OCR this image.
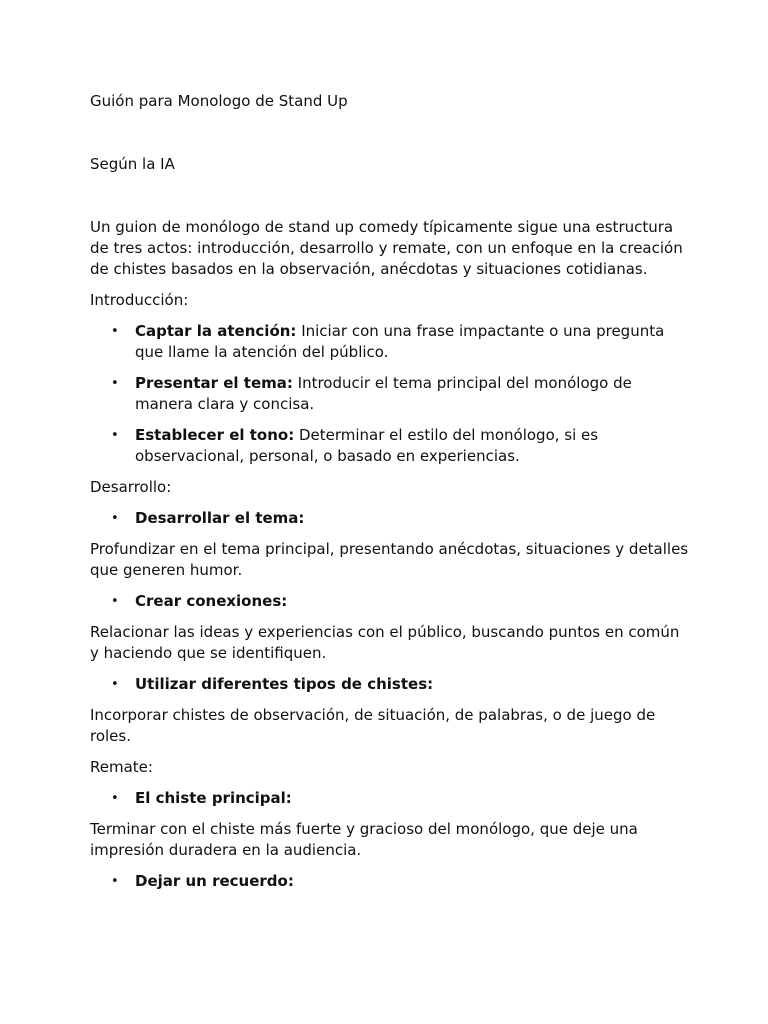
Guión para Monologo de Stand Up
Según la IA

Un guion de monólogo de stand up comedy típicamente sigue una estructura de tres actos: introducción, desarrollo y remate, con un enfoque en la creación de chistes basados en la observación, anécdotas y situaciones cotidianas.

Introducción:

• Captar la atención: Iniciar con una frase impactante o una pregunta que llame la atención del público.
• Presentar el tema: Introducir el tema principal del monólogo de manera clara y concisa.
• Establecer el tono: Determinar el estilo del monólogo, si es observacional, personal, o basado en experiencias.

Desarrollo:

• Desarrollar el tema:

Profundizar en el tema principal, presentando anécdotas, situaciones y detalles que generen humor.

• Crear conexiones:

Relacionar las ideas y experiencias con el público, buscando puntos en común y haciendo que se identifiquen.

• Utilizar diferentes tipos de chistes:

Incorporar chistes de observación, de situación, de palabras, o de juego de roles.

Remate:

• El chiste principal:

Terminar con el chiste más fuerte y gracioso del monólogo, que deje una impresión duradera en la audiencia.

• Dejar un recuerdo:
